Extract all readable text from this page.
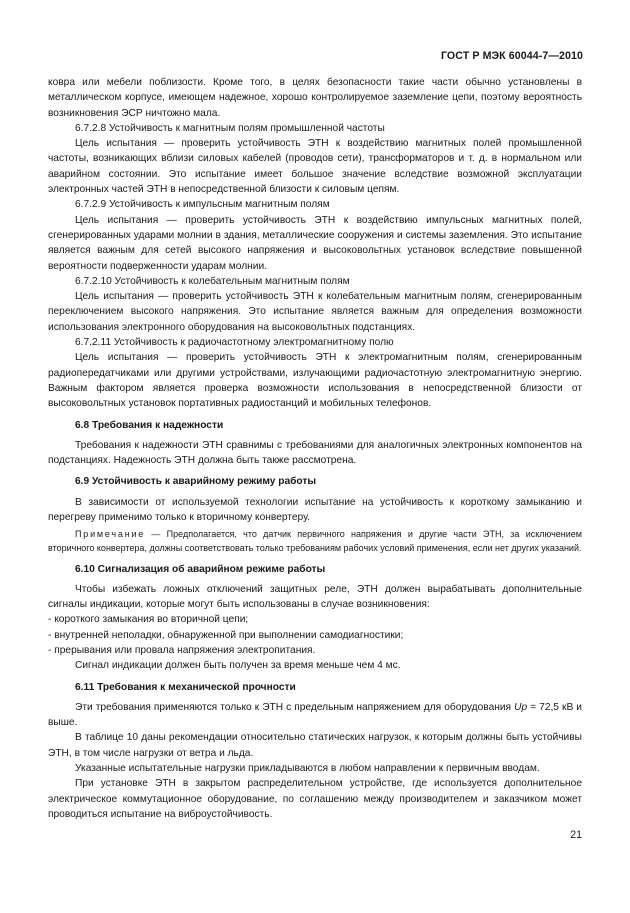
ГОСТ Р МЭК 60044-7—2010

ковра или мебели поблизости. Кроме того, в целях безопасности такие части обычно установлены в металлическом корпусе, имеющем надежное, хорошо контролируемое заземление цепи, поэтому вероятность возникновения ЭСР ничтожно мала.

6.7.2.8 Устойчивость к магнитным полям промышленной частоты

Цель испытания — проверить устойчивость ЭТН к воздействию магнитных полей промышленной частоты, возникающих вблизи силовых кабелей (проводов сети), трансформаторов и т. д. в нормальном или аварийном состоянии. Это испытание имеет большое значение вследствие возможной эксплуатации электронных частей ЭТН в непосредственной близости к силовым цепям.

6.7.2.9 Устойчивость к импульсным магнитным полям

Цель испытания — проверить устойчивость ЭТН к воздействию импульсных магнитных полей, сгенерированных ударами молнии в здания, металлические сооружения и системы заземления. Это испытание является важным для сетей высокого напряжения и высоковольтных установок вследствие повышенной вероятности подверженности ударам молнии.

6.7.2.10 Устойчивость к колебательным магнитным полям

Цель испытания — проверить устойчивость ЭТН к колебательным магнитным полям, сгенерированным переключением высокого напряжения. Это испытание является важным для определения возможности использования электронного оборудования на высоковольтных подстанциях.

6.7.2.11 Устойчивость к радиочастотному электромагнитному полю

Цель испытания — проверить устойчивость ЭТН к электромагнитным полям, сгенерированным радиопередатчиками или другими устройствами, излучающими радиочастотную электромагнитную энергию. Важным фактором является проверка возможности использования в непосредственной близости от высоковольтных установок портативных радиостанций и мобильных телефонов.

6.8 Требования к надежности

Требования к надежности ЭТН сравнимы с требованиями для аналогичных электронных компонентов на подстанциях. Надежность ЭТН должна быть также рассмотрена.

6.9 Устойчивость к аварийному режиму работы

В зависимости от используемой технологии испытание на устойчивость к короткому замыканию и перегреву применимо только к вторичному конвертеру.

Примечание — Предполагается, что датчик первичного напряжения и другие части ЭТН, за исключением вторичного конвертера, должны соответствовать только требованиям рабочих условий применения, если нет других указаний.

6.10 Сигнализация об аварийном режиме работы

Чтобы избежать ложных отключений защитных реле, ЭТН должен вырабатывать дополнительные сигналы индикации, которые могут быть использованы в случае возникновения:

- короткого замыкания во вторичной цепи;

- внутренней неполадки, обнаруженной при выполнении самодиагностики;

- прерывания или провала напряжения электропитания.

Сигнал индикации должен быть получен за время меньше чем 4 мс.

6.11 Требования к механической прочности

Эти требования применяются только к ЭТН с предельным напряжением для оборудования Up = 72,5 кВ и выше.

В таблице 10 даны рекомендации относительно статических нагрузок, к которым должны быть устойчивы ЭТН, в том числе нагрузки от ветра и льда.

Указанные испытательные нагрузки прикладываются в любом направлении к первичным вводам.

При установке ЭТН в закрытом распределительном устройстве, где используется дополнительное электрическое коммутационное оборудование, по соглашению между производителем и заказчиком может проводиться испытание на виброустойчивость.

21
